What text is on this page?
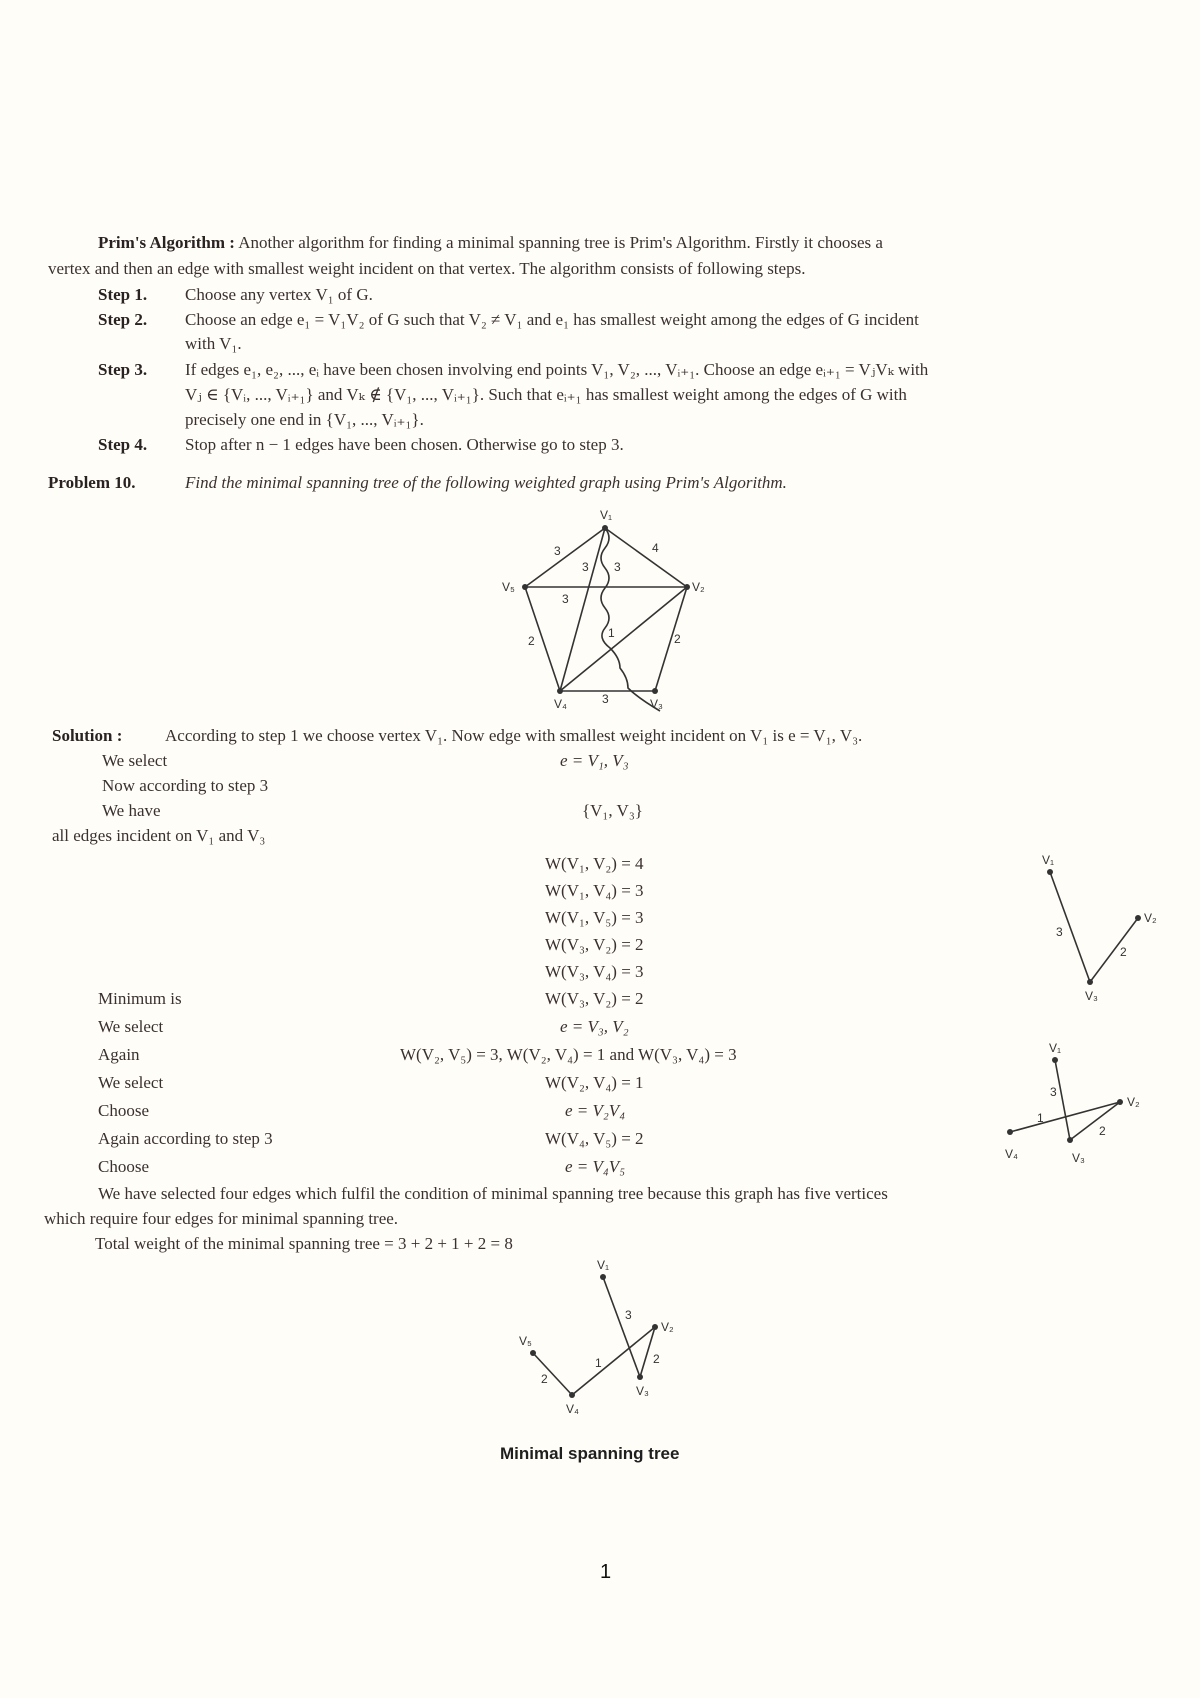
Prim's Algorithm : Another algorithm for finding a minimal spanning tree is Prim's Algorithm. Firstly it chooses a
vertex and then an edge with smallest weight incident on that vertex. The algorithm consists of following steps.
Step 1. Choose any vertex V₁ of G.
Step 2. Choose an edge e₁ = V₁V₂ of G such that V₂ ≠ V₁ and e₁ has smallest weight among the edges of G incident
with V₁.
Step 3. If edges e₁, e₂, ..., eᵢ have been chosen involving end points V₁, V₂, ..., Vᵢ₊₁. Choose an edge eᵢ₊₁ = VⱼVₖ with
Vⱼ ∈ {Vᵢ, ..., Vᵢ₊₁} and Vₖ ∉ {V₁, ..., Vᵢ₊₁}. Such that eᵢ₊₁ has smallest weight among the edges of G with
precisely one end in {V₁, ..., Vᵢ₊₁}.
Step 4. Stop after n − 1 edges have been chosen. Otherwise go to step 3.
Problem 10.	Find the minimal spanning tree of the following weighted graph using Prim's Algorithm.
V₁
V₂
V₃
V₄
V₅
3
3 3
4
3
1	2
2
3
Solution :	According to step 1 we choose vertex V₁. Now edge with smallest weight incident on V₁ is e = V₁, V₃.
We select	e = V₁, V₃
Now according to step 3
We have	{V₁, V₃}
all edges incident on V₁ and V₃
W(V₁, V₂) = 4
W(V₁, V₄) = 3
W(V₁, V₅) = 3
W(V₃, V₂) = 2
W(V₃, V₄) = 3
Minimum is	W(V₃, V₂) = 2
We select	e = V₃, V₂
Again	W(V₂, V₅) = 3, W(V₂, V₄) = 1 and W(V₃, V₄) = 3
We select	W(V₂, V₄) = 1
Choose	e = V₂V₄
Again according to step 3	W(V₄, V₅) = 2
Choose	e = V₄V₅
We have selected four edges which fulfil the condition of minimal spanning tree because this graph has five vertices
which require four edges for minimal spanning tree.
Total weight of the minimal spanning tree = 3 + 2 + 1 + 2 = 8
V₁
V₂
V₃
3
2
V₁
V₂
V₃
V₄
3
1
2
V₁
V₂
V₃
V₄
V₅
3
1	2
2
Minimal spanning tree
1
